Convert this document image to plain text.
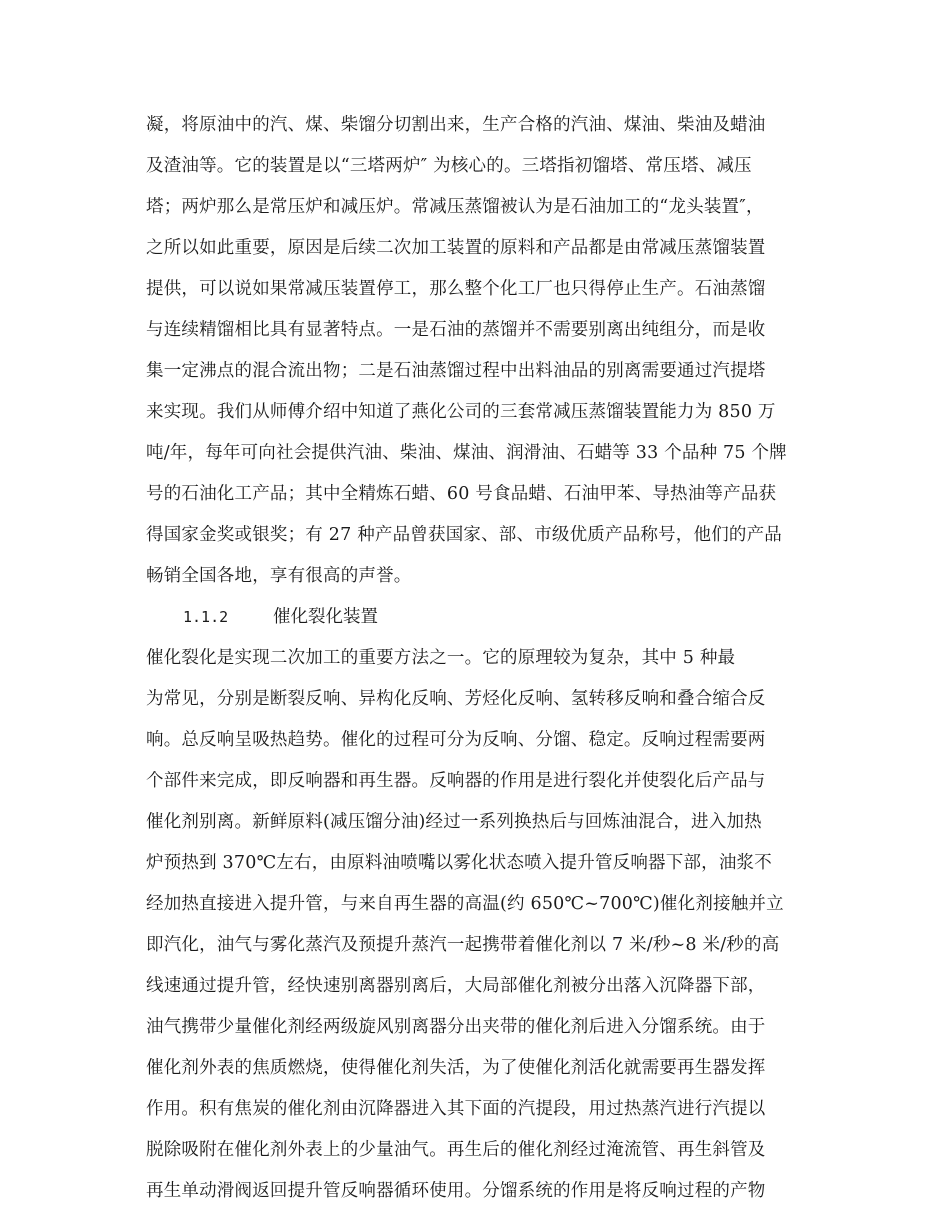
凝，将原油中的汽、煤、柴馏分切割出来，生产合格的汽油、煤油、柴油及蜡油
及渣油等。它的装置是以“三塔两炉″ 为核心的。三塔指初馏塔、常压塔、减压
塔；两炉那么是常压炉和减压炉。常减压蒸馏被认为是石油加工的“龙头装置″，
之所以如此重要，原因是后续二次加工装置的原料和产品都是由常减压蒸馏装置
提供，可以说如果常减压装置停工，那么整个化工厂也只得停止生产。石油蒸馏
与连续精馏相比具有显著特点。一是石油的蒸馏并不需要别离出纯组分，而是收
集一定沸点的混合流出物；二是石油蒸馏过程中出料油品的别离需要通过汽提塔
来实现。我们从师傅介绍中知道了燕化公司的三套常减压蒸馏装置能力为 850 万
吨/年，每年可向社会提供汽油、柴油、煤油、润滑油、石蜡等 33 个品种 75 个牌
号的石油化工产品；其中全精炼石蜡、60 号食品蜡、石油甲苯、导热油等产品获
得国家金奖或银奖；有 27 种产品曾获国家、部、市级优质产品称号，他们的产品
畅销全国各地，享有很高的声誉。
1.1.2	催化裂化装置
催化裂化是实现二次加工的重要方法之一。它的原理较为复杂，其中 5 种最
为常见，分别是断裂反响、异构化反响、芳烃化反响、氢转移反响和叠合缩合反
响。总反响呈吸热趋势。催化的过程可分为反响、分馏、稳定。反响过程需要两
个部件来完成，即反响器和再生器。反响器的作用是进行裂化并使裂化后产品与
催化剂别离。新鲜原料(减压馏分油)经过一系列换热后与回炼油混合，进入加热
炉预热到 370℃左右，由原料油喷嘴以雾化状态喷入提升管反响器下部，油浆不
经加热直接进入提升管，与来自再生器的高温(约 650℃~700℃)催化剂接触并立
即汽化，油气与雾化蒸汽及预提升蒸汽一起携带着催化剂以 7 米/秒~8 米/秒的高
线速通过提升管，经快速别离器别离后，大局部催化剂被分出落入沉降器下部，
油气携带少量催化剂经两级旋风别离器分出夹带的催化剂后进入分馏系统。由于
催化剂外表的焦质燃烧，使得催化剂失活，为了使催化剂活化就需要再生器发挥
作用。积有焦炭的催化剂由沉降器进入其下面的汽提段，用过热蒸汽进行汽提以
脱除吸附在催化剂外表上的少量油气。再生后的催化剂经过淹流管、再生斜管及
再生单动滑阀返回提升管反响器循环使用。分馏系统的作用是将反响过程的产物
